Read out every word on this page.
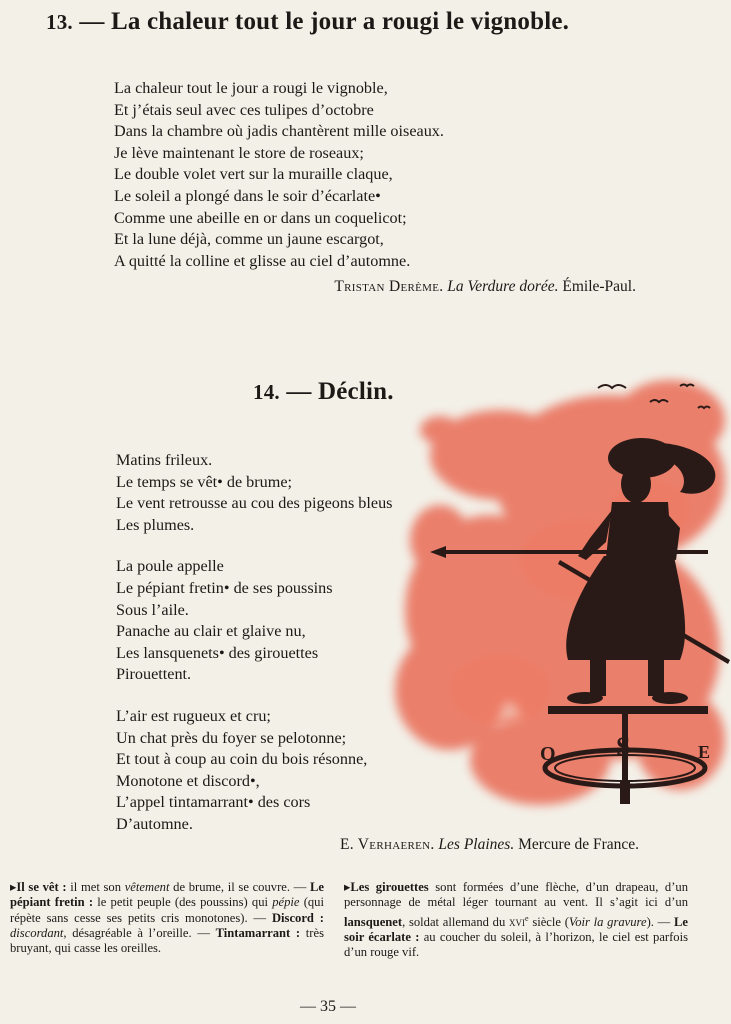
13. — La chaleur tout le jour a rougi le vignoble.
La chaleur tout le jour a rougi le vignoble,
Et j’étais seul avec ces tulipes d’octobre
Dans la chambre où jadis chantèrent mille oiseaux.
Je lève maintenant le store de roseaux;
Le double volet vert sur la muraille claque,
Le soleil a plongé dans le soir d’écarlate•
Comme une abeille en or dans un coquelicot;
Et la lune déjà, comme un jaune escargot,
A quitté la colline et glisse au ciel d’automne.
Tristan Derème. La Verdure dorée. Émile-Paul.
S
O	E
14. — Déclin.
Matins frileux.
Le temps se vêt• de brume;
Le vent retrousse au cou des pigeons bleus
Les plumes.
La poule appelle
Le pépiant fretin• de ses poussins
Sous l’aile.
Panache au clair et glaive nu,
Les lansquenets• des girouettes
Pirouettent.
L’air est rugueux et cru;
Un chat près du foyer se pelotonne;
Et tout à coup au coin du bois résonne,
Monotone et discord•,
L’appel tintamarrant• des cors
D’automne.
E. Verhaeren. Les Plaines. Mercure de France.
▸Il se vêt : il met son vêtement de brume, il se couvre. — Le pépiant fretin : le petit peuple (des poussins) qui pépie (qui répète sans cesse ses petits cris monotones). — Discord : discordant, désagréable à l’oreille. — Tintamarrant : très bruyant, qui casse les oreilles.
▸Les girouettes sont formées d’une flèche, d’un drapeau, d’un personnage de métal léger tournant au vent. Il s’agit ici d’un lansquenet, soldat allemand du xvi$^e$ siècle (Voir la gravure). — Le soir écarlate : au coucher du soleil, à l’horizon, le ciel est parfois d’un rouge vif.
— 35 —
